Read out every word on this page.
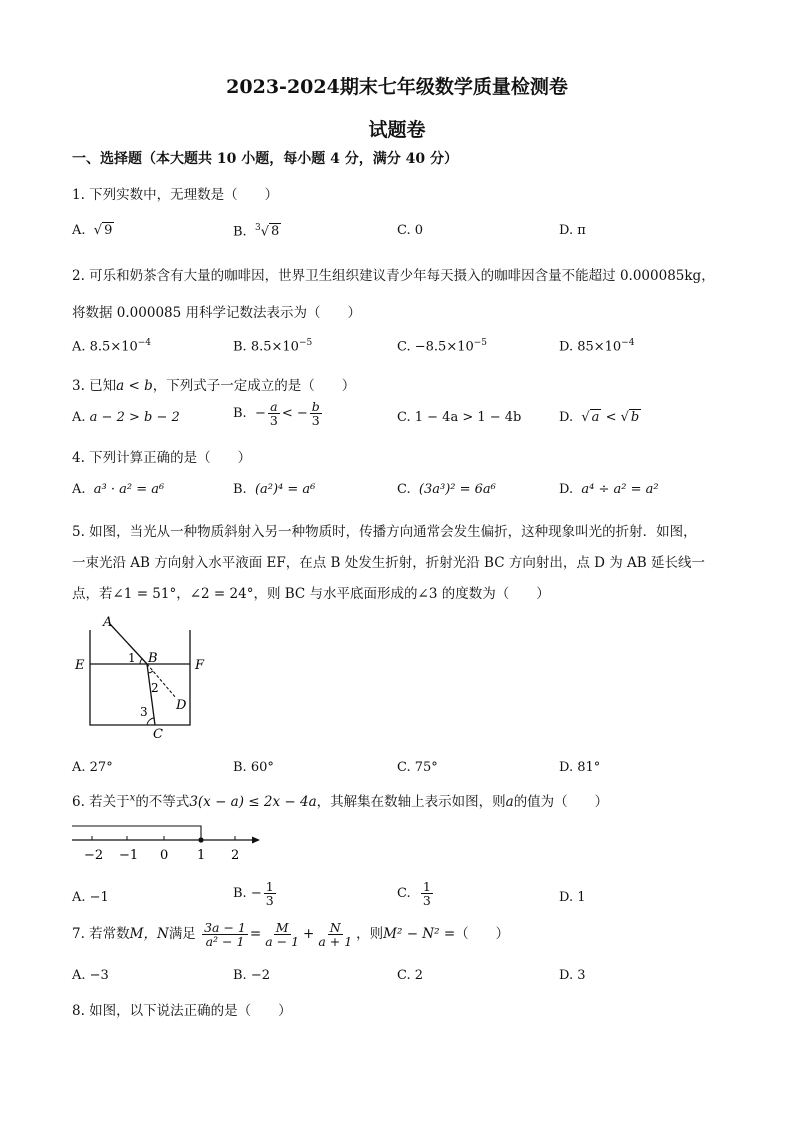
2023-2024期末七年级数学质量检测卷
试题卷
一、选择题（本大题共 10 小题，每小题 4 分，满分 40 分）
1. 下列实数中，无理数是（　　）
A. √ 9	B. $^3$√ 8	C. 0	D. π
2. 可乐和奶茶含有大量的咖啡因，世界卫生组织建议青少年每天摄入的咖啡因含量不能超过 0.000085kg，
将数据 0.000085 用科学记数法表示为（　　）
A. $8.5\times 10^{-4}$	B. $8.5\times 10^{-5}$	C. $-8.5\times 10^{-5}$	D. $85\times 10^{-4}$
3. 已知a < b，下列式子一定成立的是（　　）
A. a − 2 > b − 2	B. − $\frac{a}{3}$ < − $\frac{b}{3}$	C. 1 − 4a > 1 − 4b	D. √ a < √ b
4. 下列计算正确的是（　　）
A. a³ · a² = a⁶	B. (a²)⁴ = a⁶	C. (3a³)² = 6a⁶	D. a⁴ ÷ a² = a²
5. 如图，当光从一种物质斜射入另一种物质时，传播方向通常会发生偏折，这种现象叫光的折射．如图，
一束光沿 AB 方向射入水平液面 EF，在点 B 处发生折射，折射光沿 BC 方向射出，点 D 为 AB 延长线一
点，若∠1 = 51°，∠2 = 24°，则 BC 与水平底面形成的∠3 的度数为（　　）
A
B
C
D
E	F
1
2
3
A. 27°	B. 60°	C. 75°	D. 81°
6. 若关于$^x$的不等式3(x − a) ≤ 2x − 4a，其解集在数轴上表示如图，则a的值为（　　）
−2 −1 0 1 2
A. −1	B. − $\frac{1}{3}$	C. $\frac{1}{3}$	D. 1
7. 若常数M，N满足 $\frac{3a - 1}{\text{a² − 1}} = \frac{M}{a - 1} + \frac{N}{a + 1}$ ，则M² − N² =（　　）
A. −3	B. −2	C. 2	D. 3
8. 如图，以下说法正确的是（　　）
